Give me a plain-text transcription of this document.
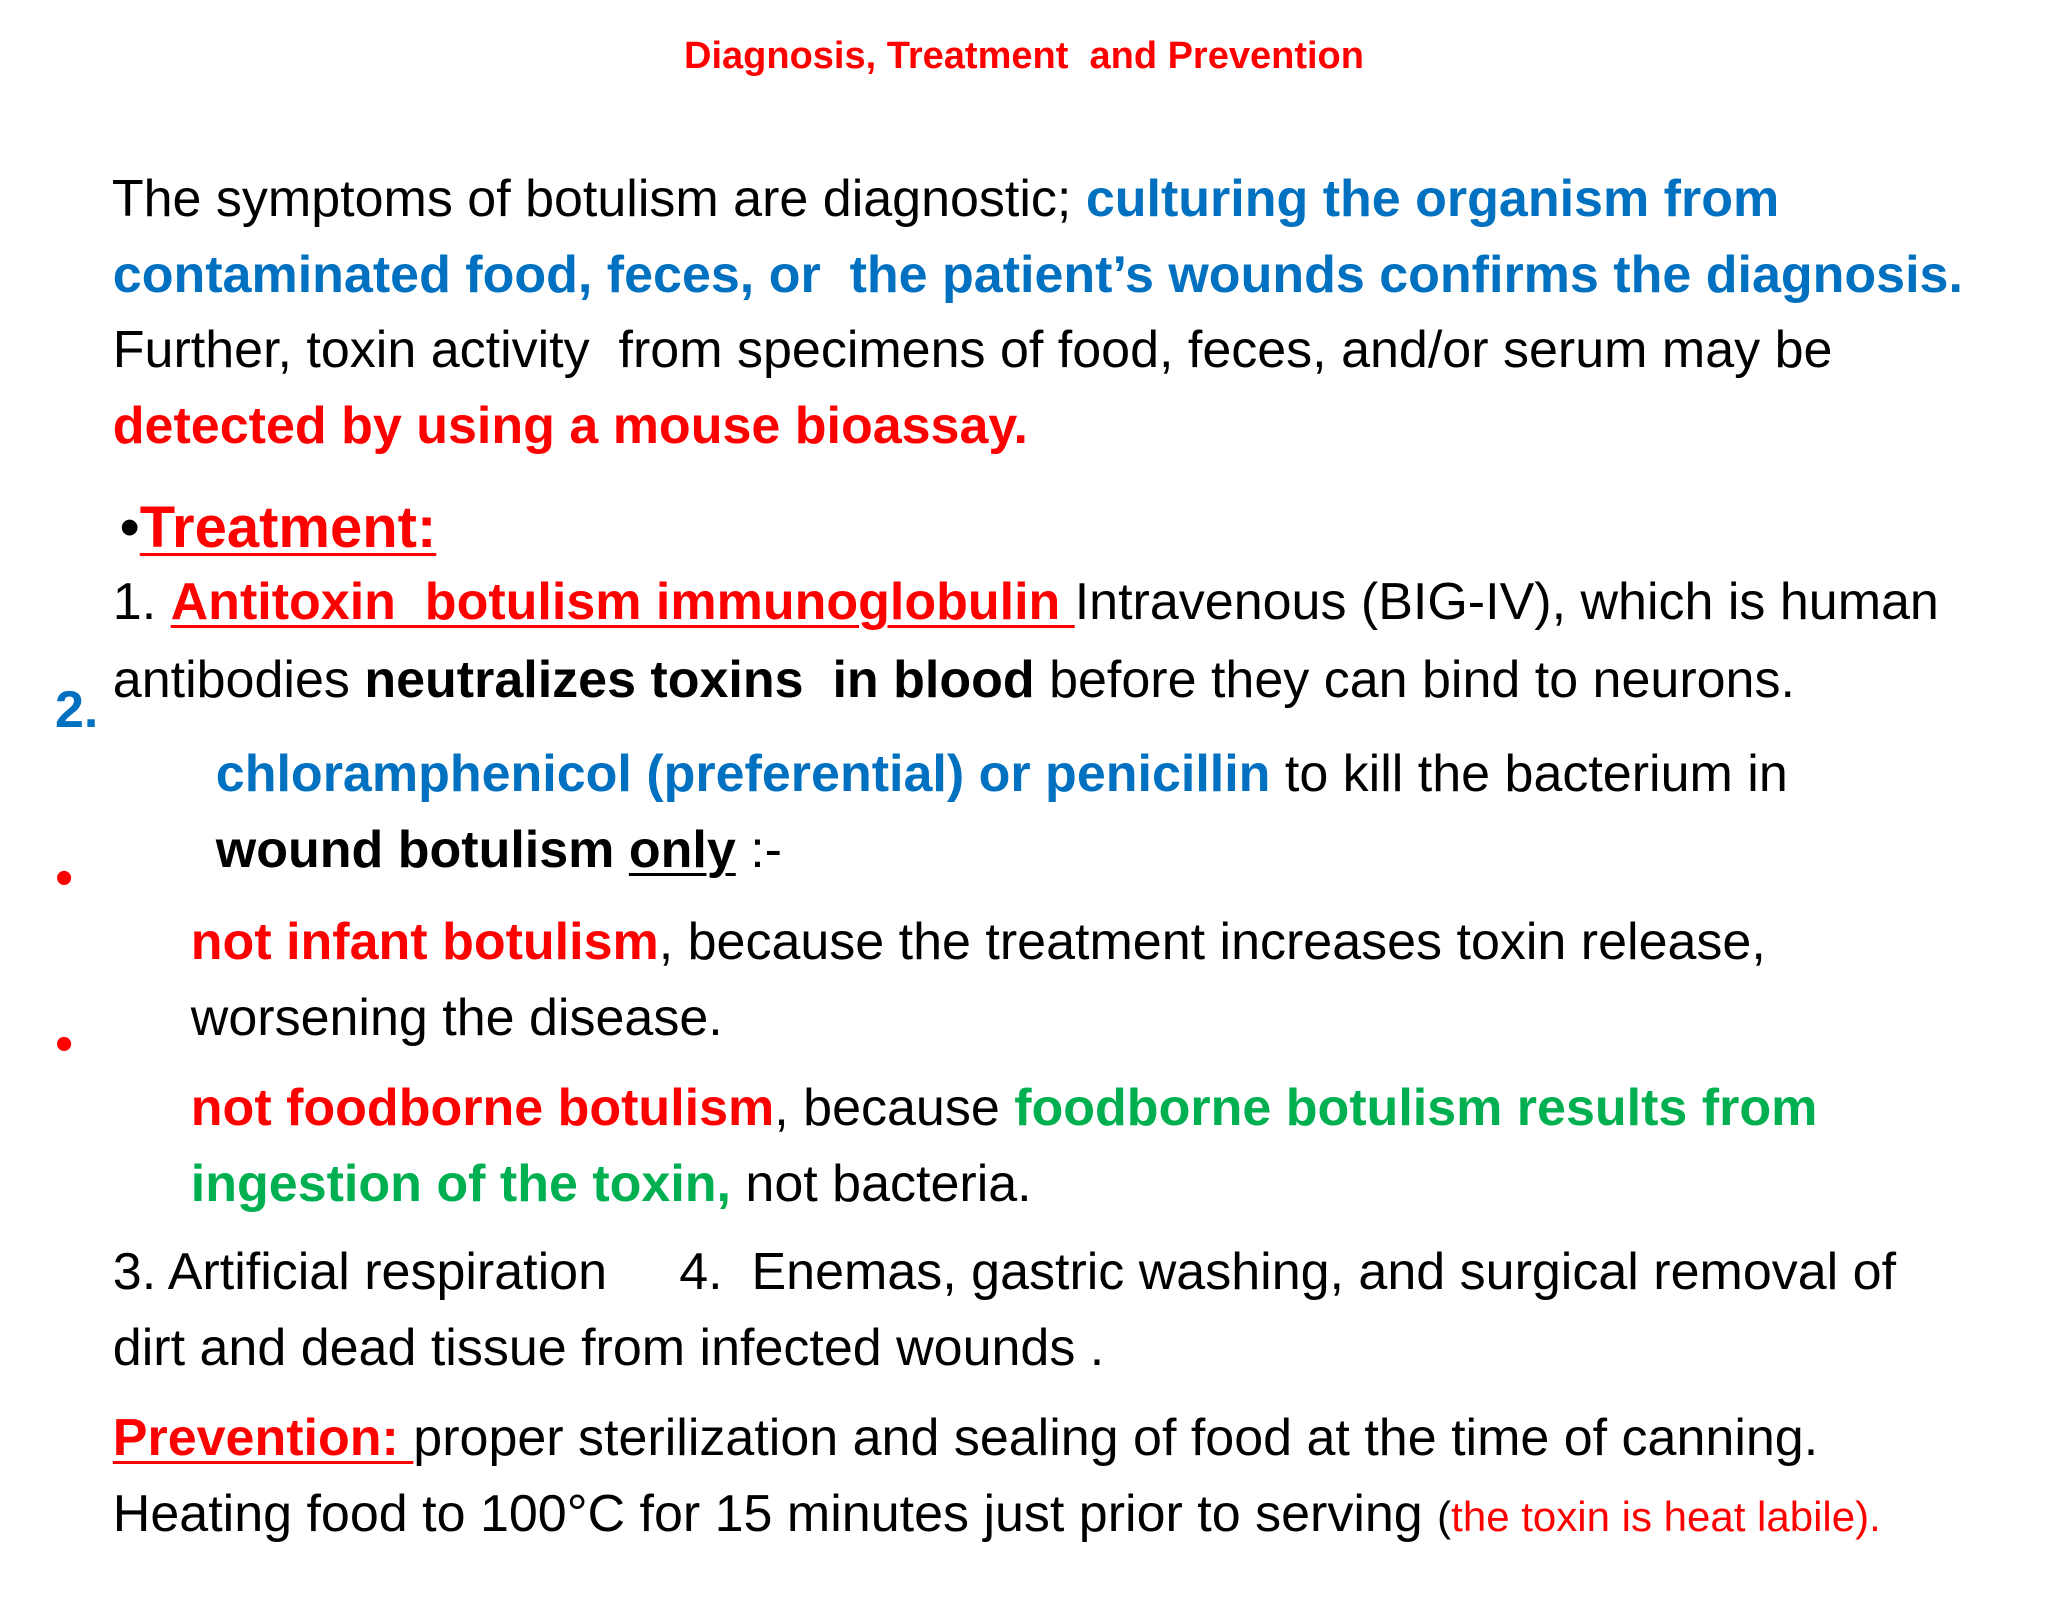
Diagnosis, Treatment  and Prevention

The symptoms of botulism are diagnostic; culturing the organism from

contaminated food, feces, or  the patient’s wounds confirms the diagnosis.

Further, toxin activity  from specimens of food, feces, and/or serum may be

detected by using a mouse bioassay.

•Treatment:

1. Antitoxin  botulism immunoglobulin Intravenous (BIG-IV), which is human

antibodies neutralizes toxins  in blood before they can bind to neurons.

2.

chloramphenicol (preferential) or penicillin to kill the bacterium in

wound botulism only :-

•

not infant botulism, because the treatment increases toxin release,

worsening the disease.

•

not foodborne botulism, because foodborne botulism results from

ingestion of the toxin, not bacteria.

3. Artificial respiration     4.  Enemas, gastric washing, and surgical removal of

dirt and dead tissue from infected wounds .

Prevention: proper sterilization and sealing of food at the time of canning.

Heating food to 100°C for 15 minutes just prior to serving (the toxin is heat labile).
